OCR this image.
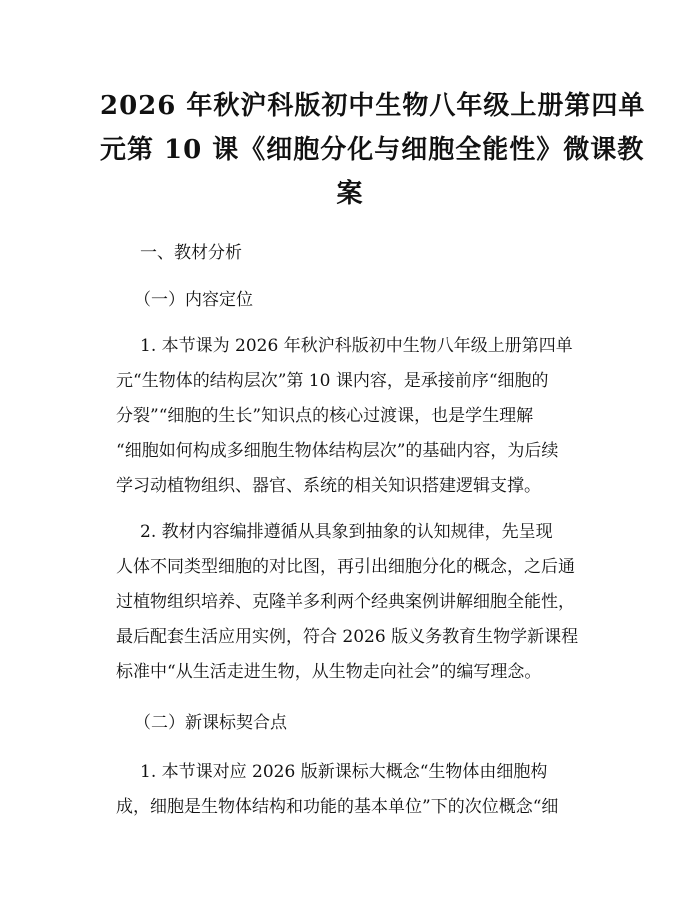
2026 年秋沪科版初中生物八年级上册第四单
元第 10 课《细胞分化与细胞全能性》微课教
案
一、教材分析
（一）内容定位
1. 本节课为 2026 年秋沪科版初中生物八年级上册第四单
元“生物体的结构层次”第 10 课内容，是承接前序“细胞的
分裂”“细胞的生长”知识点的核心过渡课，也是学生理解
“细胞如何构成多细胞生物体结构层次”的基础内容，为后续
学习动植物组织、器官、系统的相关知识搭建逻辑支撑。
2. 教材内容编排遵循从具象到抽象的认知规律，先呈现
人体不同类型细胞的对比图，再引出细胞分化的概念，之后通
过植物组织培养、克隆羊多利两个经典案例讲解细胞全能性，
最后配套生活应用实例，符合 2026 版义务教育生物学新课程
标准中“从生活走进生物，从生物走向社会”的编写理念。
（二）新课标契合点
1. 本节课对应 2026 版新课标大概念“生物体由细胞构
成，细胞是生物体结构和功能的基本单位”下的次位概念“细
